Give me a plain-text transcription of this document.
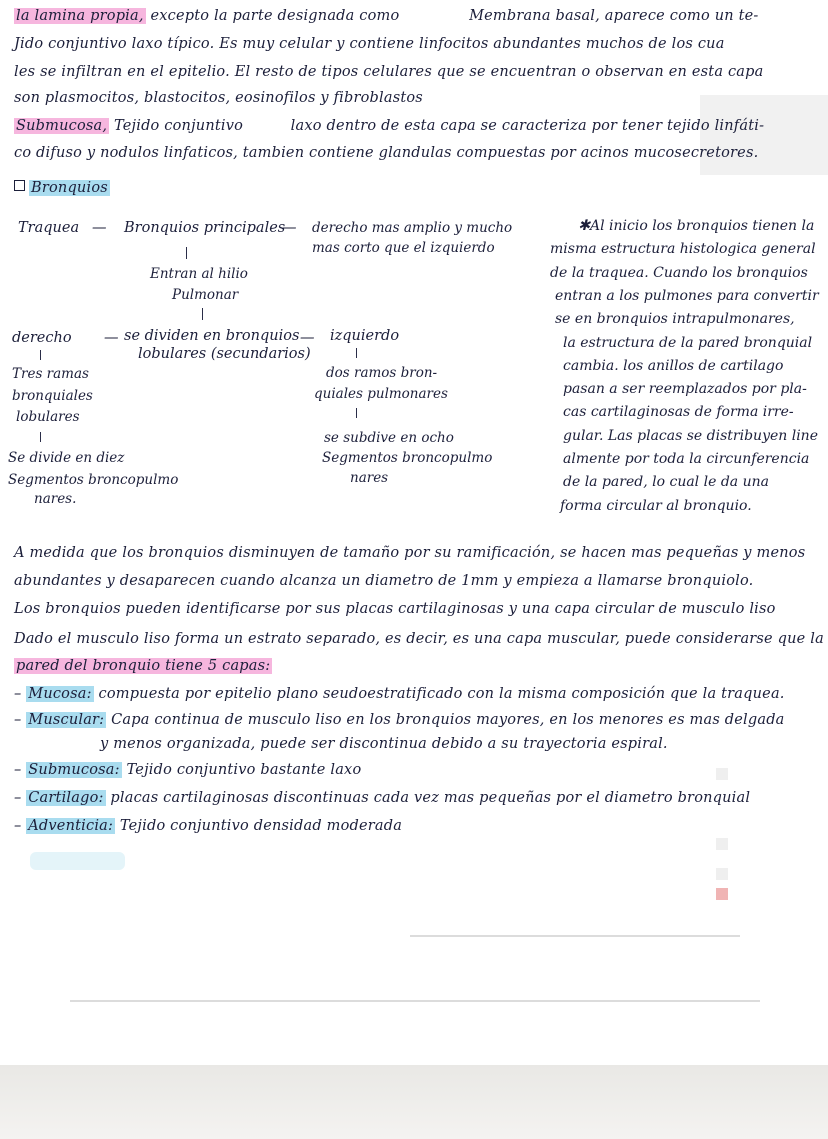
la lamina propia, excepto la parte designada como	Membrana basal, aparece como un te-
Jido conjuntivo laxo típico. Es muy celular y contiene linfocitos abundantes muchos de los cua
les se infiltran en el epitelio. El resto de tipos celulares que se encuentran o observan en esta capa
son plasmocitos, blastocitos, eosinofilos y fibroblastos
Submucosa, Tejido conjuntivo	laxo dentro de esta capa se caracteriza por tener tejido linfáti-
co difuso y nodulos linfaticos, tambien contiene glandulas compuestas por acinos mucosecretores.
Bronquios
Traquea — Bronquios principales
— derecho mas amplio y mucho
mas corto que el izquierdo
Entran al hilio
Pulmonar
derecho — se dividen en bronquios
lobulares (secundarios)
— izquierdo
Tres ramas
bronquiales
lobulares
dos ramos bron-
quiales pulmonares
Se divide en diez
Segmentos broncopulmo
nares.
se subdive en ocho
Segmentos broncopulmo
nares
✱ Al inicio los bronquios tienen la
misma estructura histologica general
de la traquea. Cuando los bronquios
entran a los pulmones para convertir
se en bronquios intrapulmonares,
la estructura de la pared bronquial
cambia. los anillos de cartilago
pasan a ser reemplazados por pla-
cas cartilaginosas de forma irre-
gular. Las placas se distribuyen line
almente por toda la circunferencia
de la pared, lo cual le da una
forma circular al bronquio.
A medida que los bronquios disminuyen de tamaño por su ramificación, se hacen mas pequeñas y menos
abundantes y desaparecen cuando alcanza un diametro de 1mm y empieza a llamarse bronquiolo.
Los bronquios pueden identificarse por sus placas cartilaginosas y una capa circular de musculo liso
Dado el musculo liso forma un estrato separado, es decir, es una capa muscular, puede considerarse que la
pared del bronquio tiene 5 capas:
– Mucosa: compuesta por epitelio plano seudoestratificado con la misma composición que la traquea.
– Muscular: Capa continua de musculo liso en los bronquios mayores, en los menores es mas delgada
y menos organizada, puede ser discontinua debido a su trayectoria espiral.
– Submucosa: Tejido conjuntivo bastante laxo
– Cartilago: placas cartilaginosas discontinuas cada vez mas pequeñas por el diametro bronquial
– Adventicia: Tejido conjuntivo densidad moderada
